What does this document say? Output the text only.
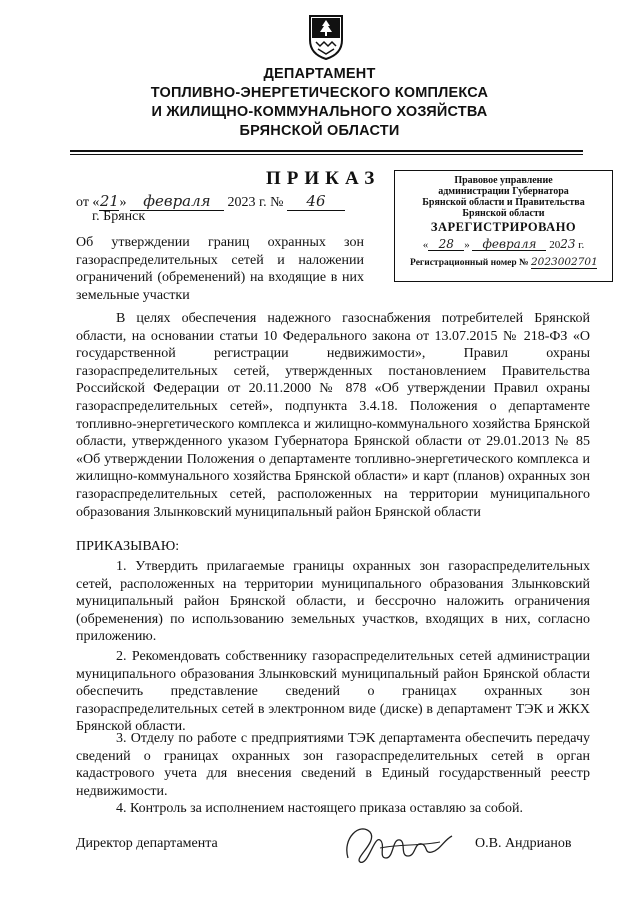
ДЕПАРТАМЕНТ
ТОПЛИВНО-ЭНЕРГЕТИЧЕСКОГО КОМПЛЕКСА
И ЖИЛИЩНО-КОММУНАЛЬНОГО ХОЗЯЙСТВА
БРЯНСКОЙ ОБЛАСТИ
ПРИКАЗ
от «21» февраля 2023 г. № 46
г. Брянск
Правовое управление
администрации Губернатора
Брянской области и Правительства
Брянской области
ЗАРЕГИСТРИРОВАНО
« 28 » февраля 2023 г.
Регистрационный номер № 2023002701
Об утверждении границ охранных зон газораспределительных сетей и наложении ограничений (обременений) на входящие в них земельные участки
В целях обеспечения надежного газоснабжения потребителей Брянской области, на основании статьи 10 Федерального закона от 13.07.2015 № 218-ФЗ «О государственной регистрации недвижимости», Правил охраны газораспределительных сетей, утвержденных постановлением Правительства Российской Федерации от 20.11.2000 № 878 «Об утверждении Правил охраны газораспределительных сетей», подпункта 3.4.18. Положения о департаменте топливно-энергетического комплекса и жилищно-коммунального хозяйства Брянской области, утвержденного указом Губернатора Брянской области от 29.01.2013 № 85 «Об утверждении Положения о департаменте топливно-энергетического комплекса и жилищно-коммунального хозяйства Брянской области» и карт (планов) охранных зон газораспределительных сетей, расположенных на территории муниципального образования Злынковский муниципальный район Брянской области
ПРИКАЗЫВАЮ:
1. Утвердить прилагаемые границы охранных зон газораспределительных сетей, расположенных на территории муниципального образования Злынковский муниципальный район Брянской области, и бессрочно наложить ограничения (обременения) по использованию земельных участков, входящих в них, согласно приложению.
2. Рекомендовать собственнику газораспределительных сетей администрации муниципального образования Злынковский муниципальный район Брянской области обеспечить представление сведений о границах охранных зон газораспределительных сетей в электронном виде (диске) в департамент ТЭК и ЖКХ Брянской области.
3. Отделу по работе с предприятиями ТЭК департамента обеспечить передачу сведений о границах охранных зон газораспределительных сетей в орган кадастрового учета для внесения сведений в Единый государственный реестр недвижимости.
4. Контроль за исполнением настоящего приказа оставляю за собой.
Директор департамента	О.В. Андрианов
